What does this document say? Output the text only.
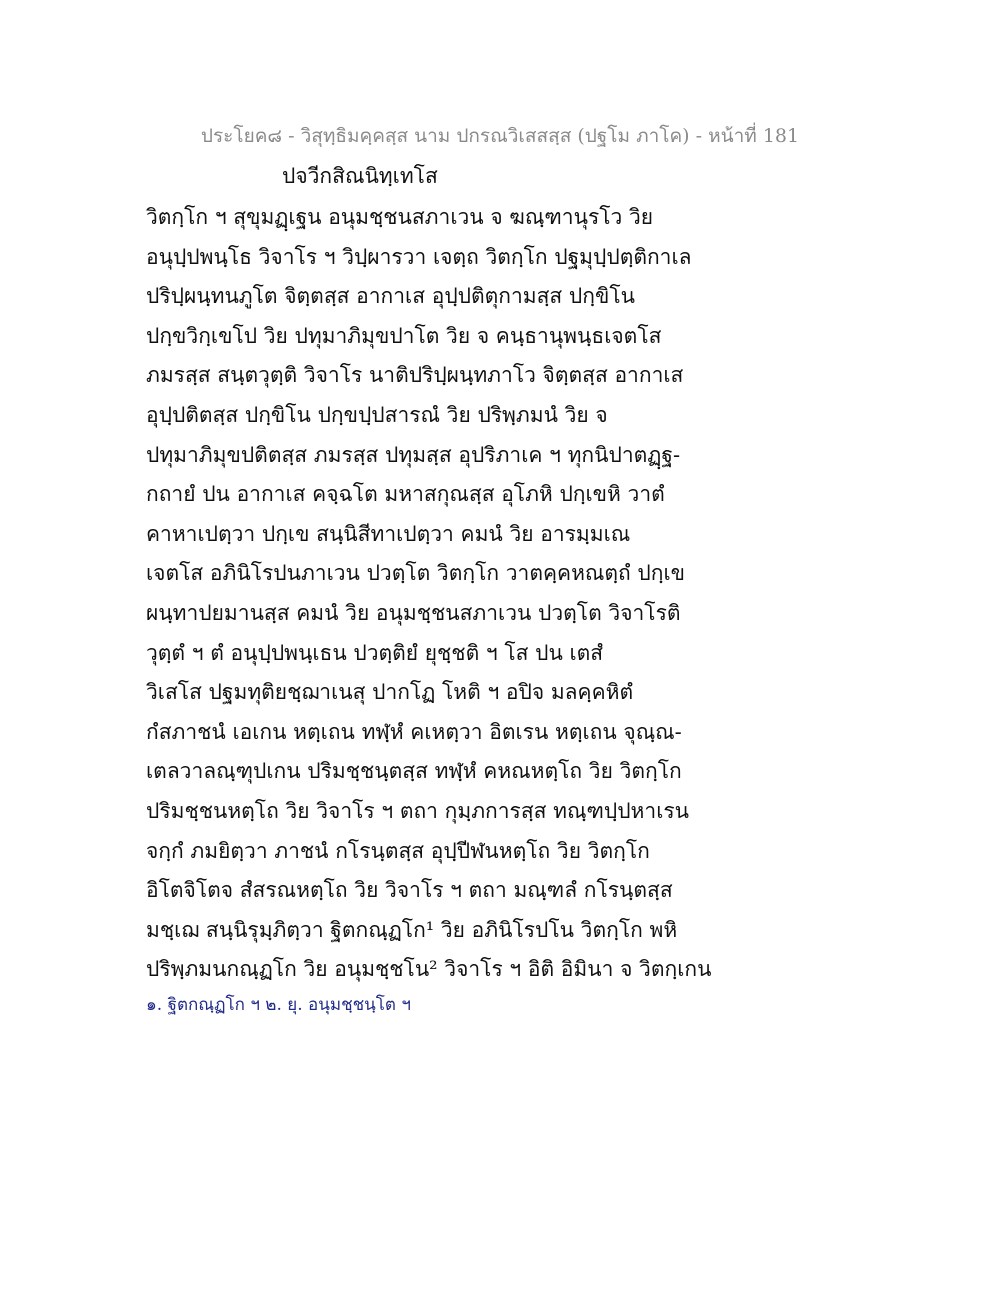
ประโยค๘ - วิสุทฺธิมคฺคสฺส นาม ปกรณวิเสสสฺส (ปฐโม ภาโค) - หน้าที่ 181
ปจวีกสิณนิทฺเทโส
วิตกฺโก ฯ สุขุมฏฺเฐน อนุมชฺชนสภาเวน จ ฆณฺฑานุรโว วิย
อนุปฺปพนฺโธ วิจาโร ฯ วิปฺผารวา เจตฺถ วิตกฺโก ปฐมุปฺปตฺติกาเล
ปริปฺผนฺทนภูโต จิตฺตสฺส อากาเส อุปฺปติตุกามสฺส ปกฺขิโน
ปกฺขวิกฺเขโป วิย ปทุมาภิมุขปาโต วิย จ คนฺธานุพนฺธเจตโส
ภมรสฺส สนฺตวุตฺติ วิจาโร นาติปริปฺผนฺทภาโว จิตฺตสฺส อากาเส
อุปฺปติตสฺส ปกฺขิโน ปกฺขปฺปสารณํ วิย ปริพฺภมนํ วิย จ
ปทุมาภิมุขปติตสฺส ภมรสฺส ปทุมสฺส อุปริภาเค ฯ ทุกนิปาตฏฺฐ-
กถายํ ปน อากาเส คจฺฉโต มหาสกุณสฺส อุโภหิ ปกฺเขหิ วาตํ
คาหาเปตฺวา ปกฺเข สนฺนิสีทาเปตฺวา คมนํ วิย อารมฺมเณ
เจตโส อภินิโรปนภาเวน ปวตฺโต วิตกฺโก วาตคฺคหณตฺถํ ปกฺเข
ผนฺทาปยมานสฺส คมนํ วิย อนุมชฺชนสภาเวน ปวตฺโต วิจาโรติ
วุตฺตํ ฯ ตํ อนุปฺปพนฺเธน ปวตฺติยํ ยุชฺชติ ฯ โส ปน เตสํ
วิเสโส ปฐมทุติยชฺฌาเนสุ ปากโฏ โหติ ฯ อปิจ มลคฺคหิตํ
กํสภาชนํ เอเกน หตฺเถน ทฬฺหํ คเหตฺวา อิตเรน หตฺเถน จุณฺณ-
เตลวาลณฺฑุปเกน ปริมชฺชนฺตสฺส ทฬฺหํ คหณหตฺโถ วิย วิตกฺโก
ปริมชฺชนหตฺโถ วิย วิจาโร ฯ ตถา กุมฺภการสฺส ทณฺฑปฺปหาเรน
จกฺกํ ภมยิตฺวา ภาชนํ กโรนฺตสฺส อุปฺปีฬนหตฺโถ วิย วิตกฺโก
อิโตจิโตจ สํสรณหตฺโถ วิย วิจาโร ฯ ตถา มณฺฑลํ กโรนฺตสฺส
มชฺเฌ สนฺนิรุมฺภิตฺวา ฐิตกณฺฏโก¹ วิย อภินิโรปโน วิตกฺโก พหิ
ปริพฺภมนกณฺฏโก วิย อนุมชฺชโน² วิจาโร ฯ อิติ อิมินา จ วิตกฺเกน
๑. ฐิตกณฺฏโก ฯ ๒. ยุ. อนุมชฺชนฺโต ฯ
